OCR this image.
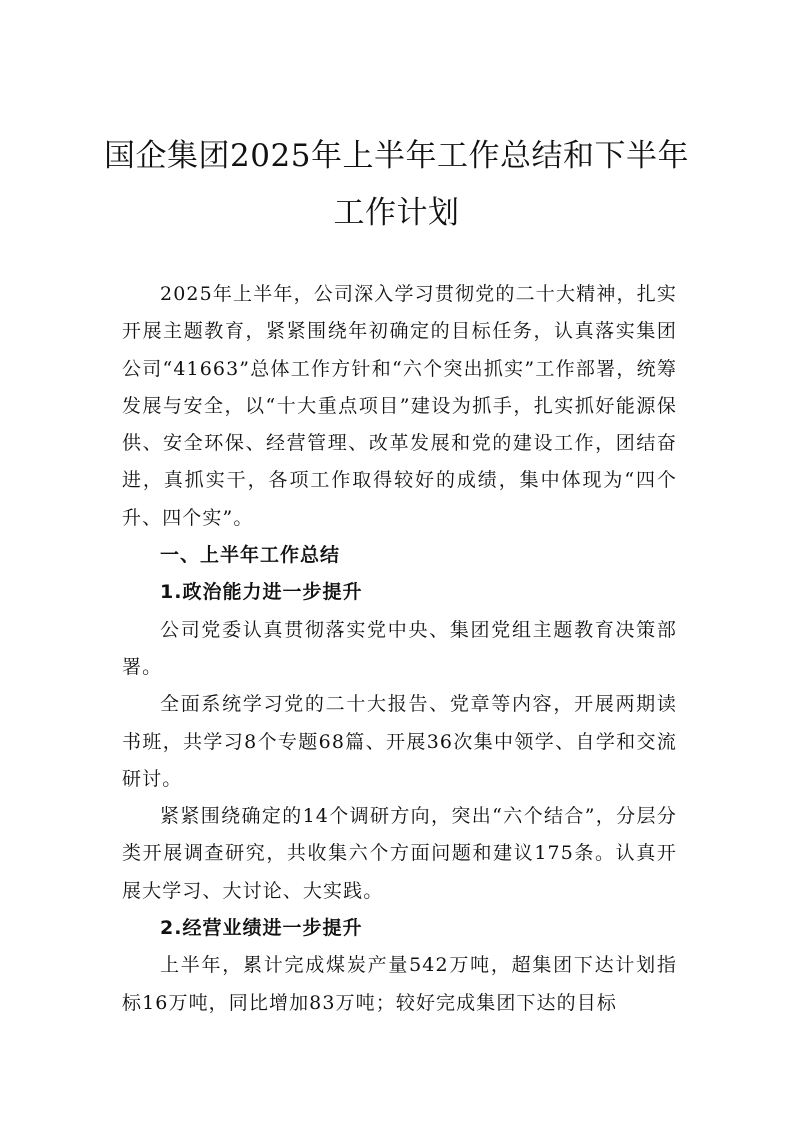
国企集团2025年上半年工作总结和下半年
工作计划

2025年上半年，公司深入学习贯彻党的二十大精神，扎实开展主题教育，紧紧围绕年初确定的目标任务，认真落实集团公司“41663”总体工作方针和“六个突出抓实”工作部署，统筹发展与安全，以“十大重点项目”建设为抓手，扎实抓好能源保供、安全环保、经营管理、改革发展和党的建设工作，团结奋进，真抓实干，各项工作取得较好的成绩，集中体现为“四个升、四个实”。

一、上半年工作总结

1.政治能力进一步提升

公司党委认真贯彻落实党中央、集团党组主题教育决策部署。

全面系统学习党的二十大报告、党章等内容，开展两期读书班，共学习8个专题68篇、开展36次集中领学、自学和交流研讨。

紧紧围绕确定的14个调研方向，突出“六个结合”，分层分类开展调查研究，共收集六个方面问题和建议175条。认真开展大学习、大讨论、大实践。

2.经营业绩进一步提升

上半年，累计完成煤炭产量542万吨，超集团下达计划指标16万吨，同比增加83万吨；较好完成集团下达的目标
